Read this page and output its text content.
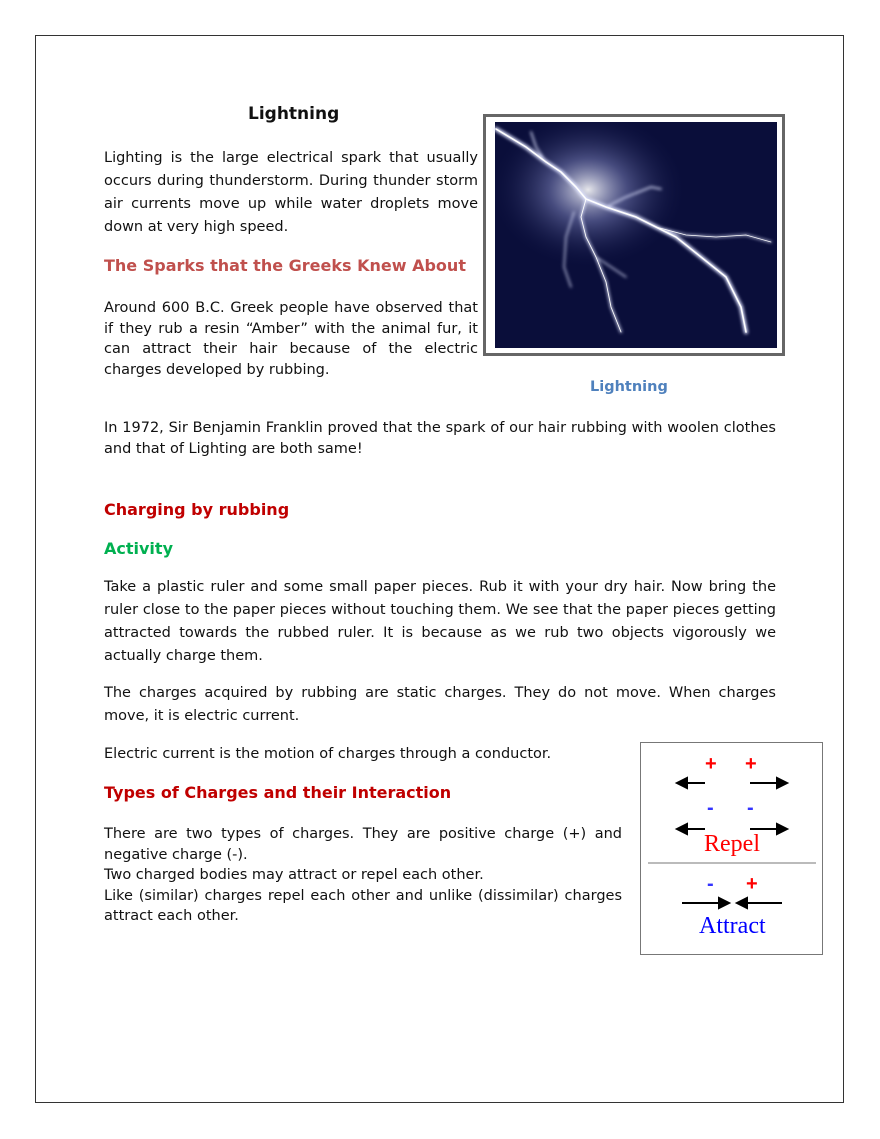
Lightning

Lighting is the large electrical spark that usually occurs during thunderstorm. During thunder storm air currents move up while water droplets move down at very high speed.

The Sparks that the Greeks Knew About

Around 600 B.C. Greek people have observed that if they rub a resin “Amber” with the animal fur, it can attract their hair because of the electric charges developed by rubbing.

Lightning

In 1972, Sir Benjamin Franklin proved that the spark of our hair rubbing with woolen clothes and that of Lighting are both same!

Charging by rubbing
Activity

Take a plastic ruler and some small paper pieces. Rub it with your dry hair. Now bring the ruler close to the paper pieces without touching them. We see that the paper pieces getting attracted towards the rubbed ruler. It is because as we rub two objects vigorously we actually charge them.

The charges acquired by rubbing are static charges. They do not move. When charges move, it is electric current.

Electric current is the motion of charges through a conductor.

Types of Charges and their Interaction

There are two types of charges. They are positive charge (+) and negative charge (-).

Two charged bodies may attract or repel each other.

Like (similar) charges repel each other and unlike (dissimilar) charges attract each other.

+ +
- -
Repel
- +
Attract
